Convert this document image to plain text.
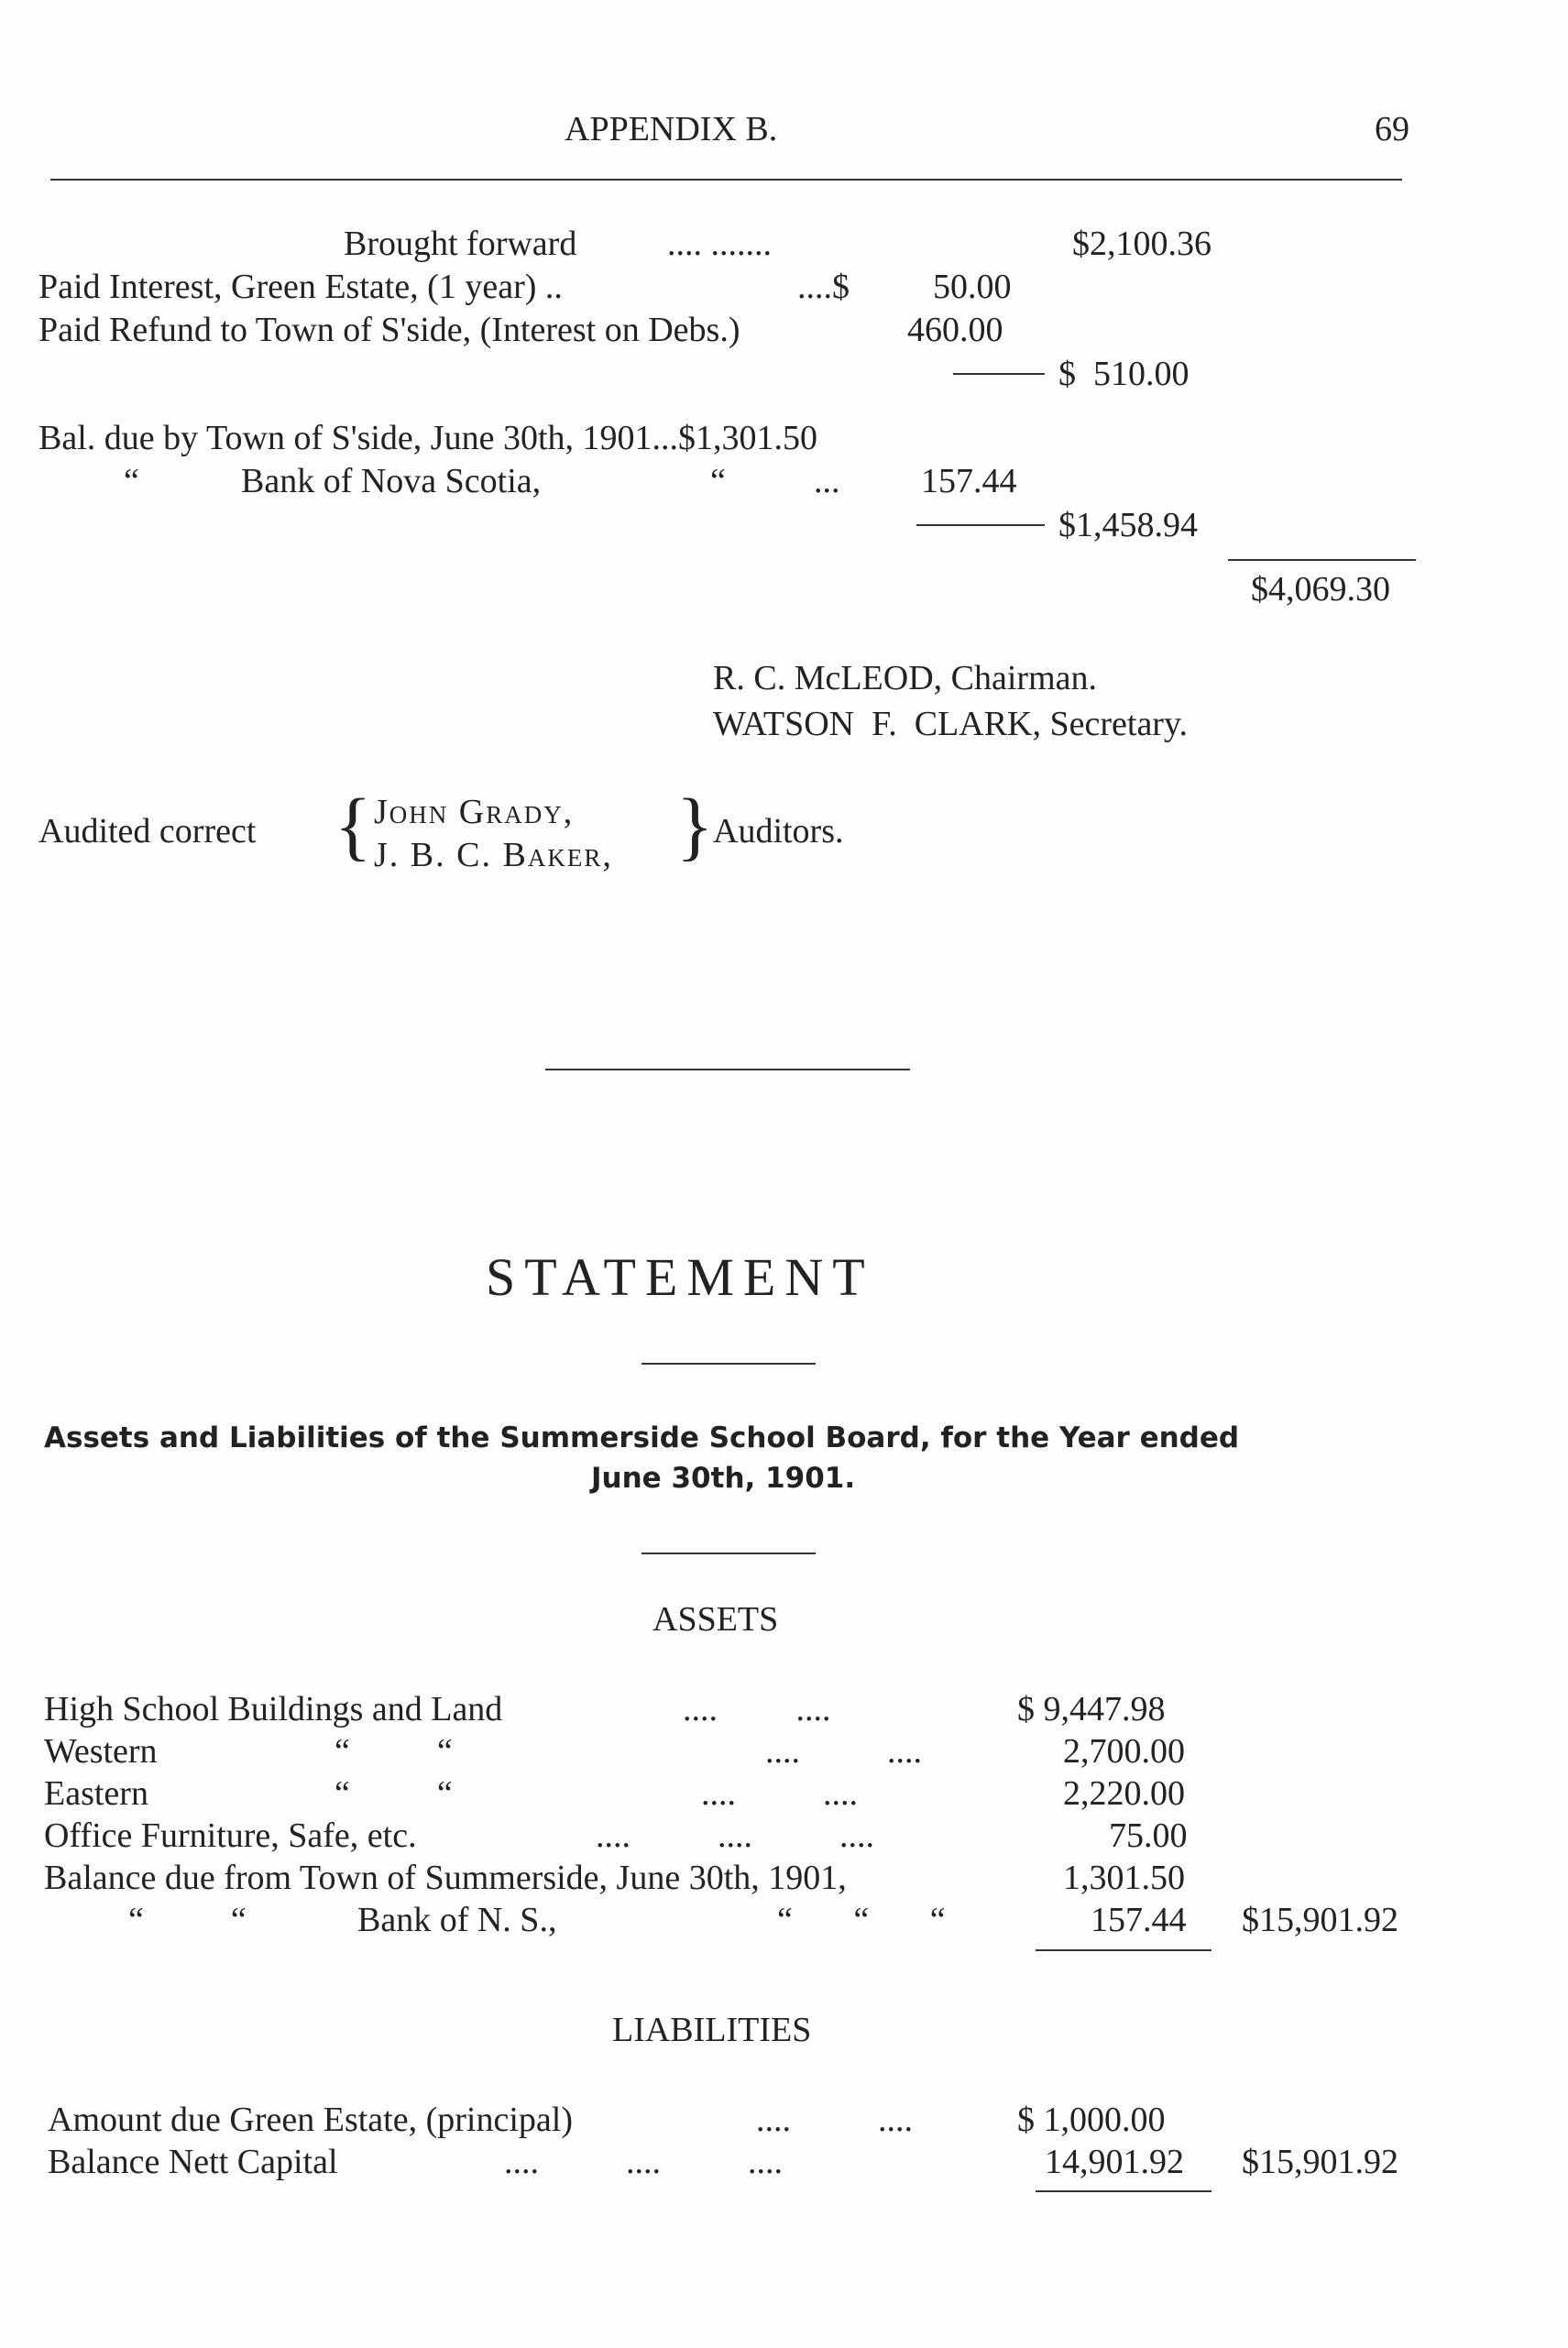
APPENDIX B.	69
Brought forward	.... .......	$2,100.36
Paid Interest, Green Estate, (1 year) ..	....$ 50.00
Paid Refund to Town of S'side, (Interest on Debs.)	460.00
$  510.00
Bal. due by Town of S'side, June 30th, 1901...$1,301.50
“	Bank of Nova Scotia,	“	... 157.44
$1,458.94
$4,069.30
R. C. McLEOD, Chairman.
WATSON  F.  CLARK, Secretary.
Audited correct { John Grady,
J. B. C. Baker, } Auditors.
STATEMENT
Assets and Liabilities of the Summerside School Board, for the Year ended
June 30th, 1901.
ASSETS
High School Buildings and Land	....         ....	$ 9,447.98
Western	“          “	....          ....	2,700.00
Eastern	“          “	....          ....	2,220.00
Office Furniture, Safe, etc.	....          ....          ....	75.00
Balance due from Town of Summerside, June 30th, 1901,	1,301.50
“          “	Bank of N. S.,	“       “       “	157.44 $15,901.92
LIABILITIES
Amount due Green Estate, (principal)	....          ....	$ 1,000.00
Balance Nett Capital	....          ....          ....	14,901.92 $15,901.92
